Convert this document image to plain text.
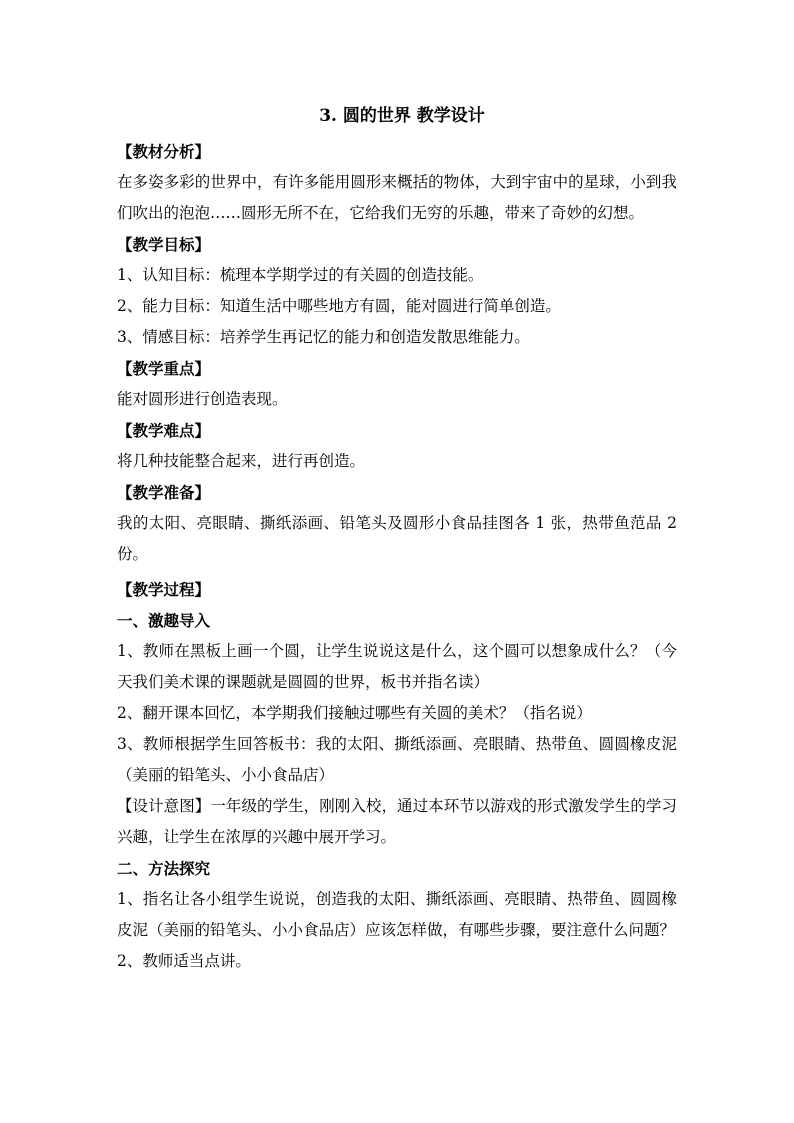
3. 圆的世界 教学设计
【教材分析】
在多姿多彩的世界中，有许多能用圆形来概括的物体，大到宇宙中的星球，小到我们吹出的泡泡……圆形无所不在，它给我们无穷的乐趣，带来了奇妙的幻想。
【教学目标】
1、认知目标：梳理本学期学过的有关圆的创造技能。
2、能力目标：知道生活中哪些地方有圆，能对圆进行简单创造。
3、情感目标：培养学生再记忆的能力和创造发散思维能力。
【教学重点】
能对圆形进行创造表现。
【教学难点】
将几种技能整合起来，进行再创造。
【教学准备】
我的太阳、亮眼睛、撕纸添画、铅笔头及圆形小食品挂图各 1 张，热带鱼范品 2 份。
【教学过程】
一、激趣导入
1、教师在黑板上画一个圆，让学生说说这是什么，这个圆可以想象成什么？（今天我们美术课的课题就是圆圆的世界，板书并指名读）
2、翻开课本回忆，本学期我们接触过哪些有关圆的美术？（指名说）
3、教师根据学生回答板书：我的太阳、撕纸添画、亮眼睛、热带鱼、圆圆橡皮泥（美丽的铅笔头、小小食品店）
【设计意图】一年级的学生，刚刚入校，通过本环节以游戏的形式激发学生的学习兴趣，让学生在浓厚的兴趣中展开学习。
二、方法探究
1、指名让各小组学生说说，创造我的太阳、撕纸添画、亮眼睛、热带鱼、圆圆橡皮泥（美丽的铅笔头、小小食品店）应该怎样做，有哪些步骤，要注意什么问题？
2、教师适当点讲。
